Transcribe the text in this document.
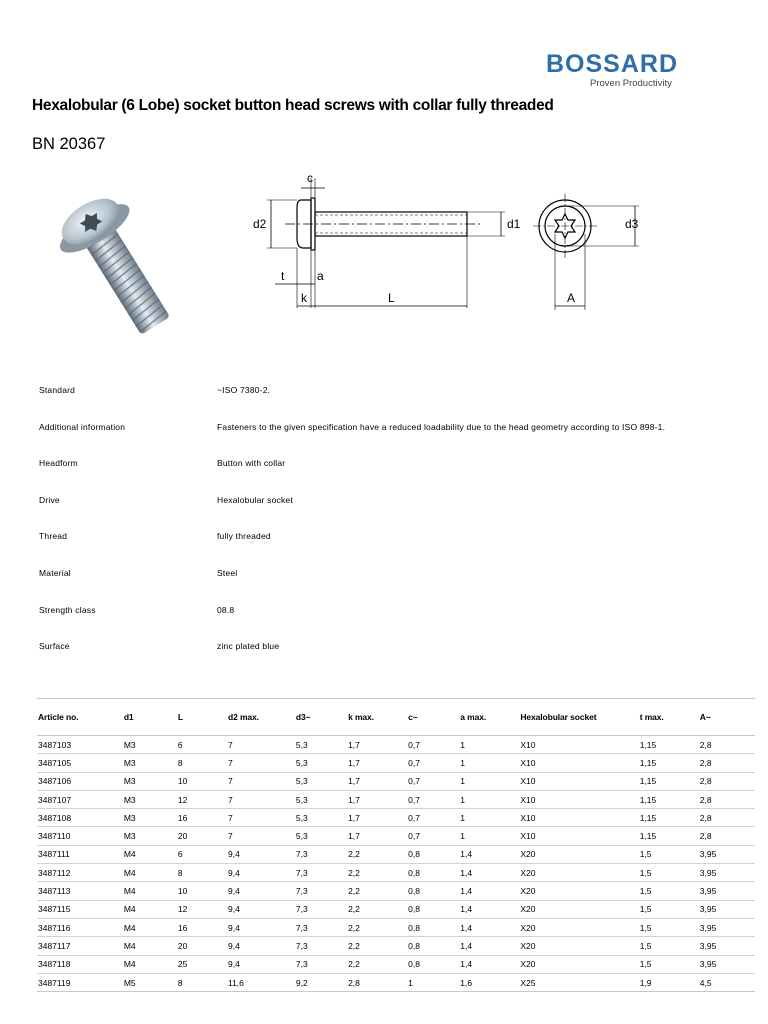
BOSSARD
Proven Productivity
Hexalobular (6 Lobe) socket button head screws with collar fully threaded
BN 20367
c
d2	d1	d3
t	a
k	L	A
Standard	~ISO 7380-2.
Additional information	Fasteners to the given specification have a reduced loadability due to the head geometry according to ISO 898-1.
Headform	Button with collar
Drive	Hexalobular socket
Thread	fully threaded
Material	Steel
Strength class	08.8
Surface	zinc plated blue
Article no.	d1	L	d2 max.	d3~	k max.	c~	a max.	Hexalobular socket	t max.	A~
3487103	M3	6	7	5,3	1,7	0,7	1	X10	1,15	2,8
3487105	M3	8	7	5,3	1,7	0,7	1	X10	1,15	2,8
3487106	M3	10	7	5,3	1,7	0,7	1	X10	1,15	2,8
3487107	M3	12	7	5,3	1,7	0,7	1	X10	1,15	2,8
3487108	M3	16	7	5,3	1,7	0,7	1	X10	1,15	2,8
3487110	M3	20	7	5,3	1,7	0,7	1	X10	1,15	2,8
3487111	M4	6	9,4	7,3	2,2	0,8	1,4	X20	1,5	3,95
3487112	M4	8	9,4	7,3	2,2	0,8	1,4	X20	1,5	3,95
3487113	M4	10	9,4	7,3	2,2	0,8	1,4	X20	1,5	3,95
3487115	M4	12	9,4	7,3	2,2	0,8	1,4	X20	1,5	3,95
3487116	M4	16	9,4	7,3	2,2	0,8	1,4	X20	1,5	3,95
3487117	M4	20	9,4	7,3	2,2	0,8	1,4	X20	1,5	3,95
3487118	M4	25	9,4	7,3	2,2	0,8	1,4	X20	1,5	3,95
3487119	M5	8	11,6	9,2	2,8	1	1,6	X25	1,9	4,5
